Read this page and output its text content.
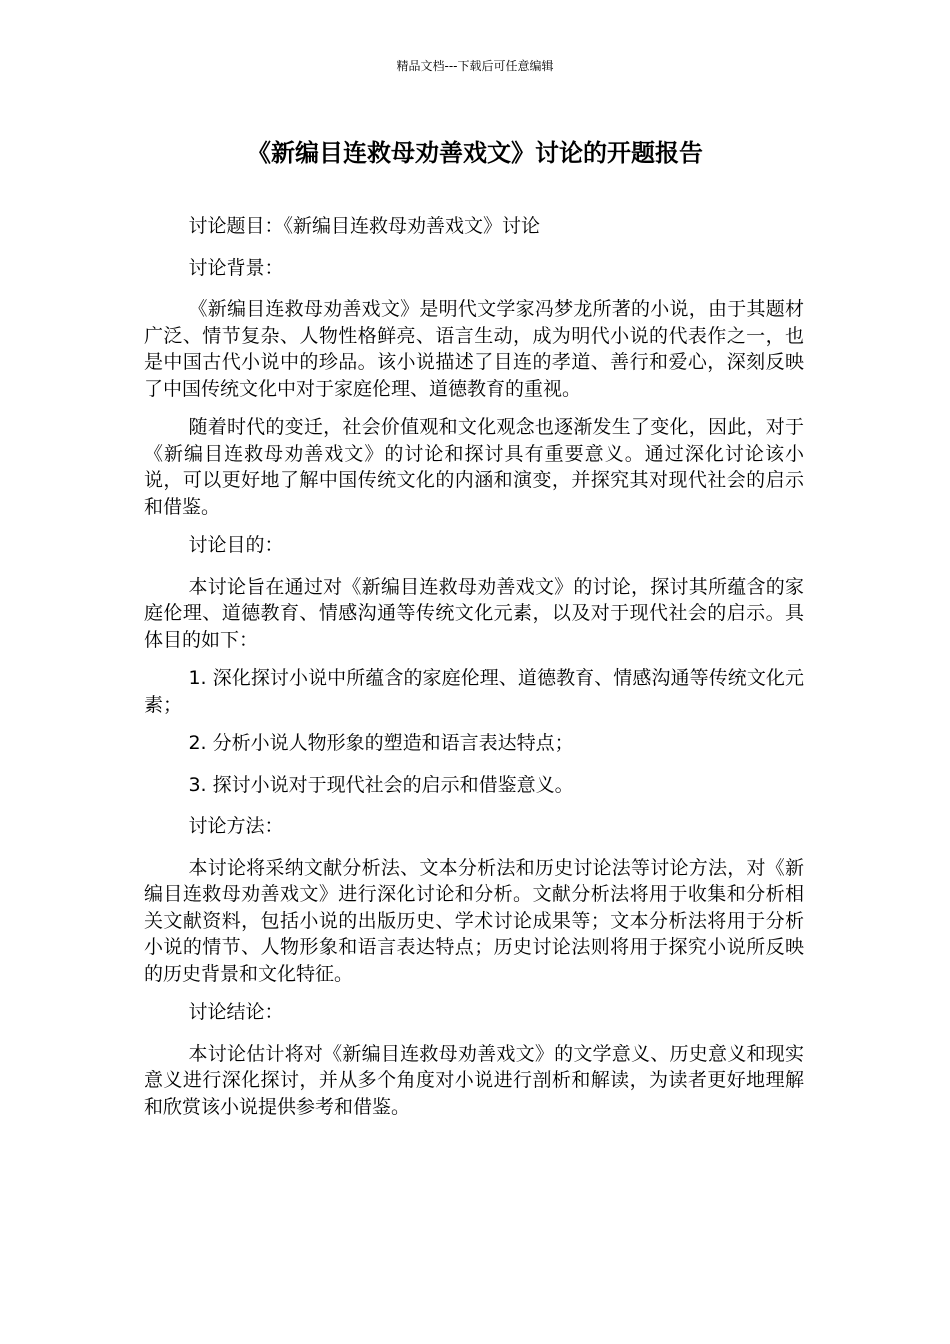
精品文档---下载后可任意编辑
《新编目连救母劝善戏文》讨论的开题报告

讨论题目：《新编目连救母劝善戏文》讨论

讨论背景：

《新编目连救母劝善戏文》是明代文学家冯梦龙所著的小说，由于其题材广泛、情节复杂、人物性格鲜亮、语言生动，成为明代小说的代表作之一，也是中国古代小说中的珍品。该小说描述了目连的孝道、善行和爱心，深刻反映了中国传统文化中对于家庭伦理、道德教育的重视。

随着时代的变迁，社会价值观和文化观念也逐渐发生了变化，因此，对于《新编目连救母劝善戏文》的讨论和探讨具有重要意义。通过深化讨论该小说，可以更好地了解中国传统文化的内涵和演变，并探究其对现代社会的启示和借鉴。

讨论目的：

本讨论旨在通过对《新编目连救母劝善戏文》的讨论，探讨其所蕴含的家庭伦理、道德教育、情感沟通等传统文化元素，以及对于现代社会的启示。具体目的如下：

1. 深化探讨小说中所蕴含的家庭伦理、道德教育、情感沟通等传统文化元素；

2. 分析小说人物形象的塑造和语言表达特点；

3. 探讨小说对于现代社会的启示和借鉴意义。

讨论方法：

本讨论将采纳文献分析法、文本分析法和历史讨论法等讨论方法，对《新编目连救母劝善戏文》进行深化讨论和分析。文献分析法将用于收集和分析相关文献资料，包括小说的出版历史、学术讨论成果等；文本分析法将用于分析小说的情节、人物形象和语言表达特点；历史讨论法则将用于探究小说所反映的历史背景和文化特征。

讨论结论：

本讨论估计将对《新编目连救母劝善戏文》的文学意义、历史意义和现实意义进行深化探讨，并从多个角度对小说进行剖析和解读，为读者更好地理解和欣赏该小说提供参考和借鉴。
